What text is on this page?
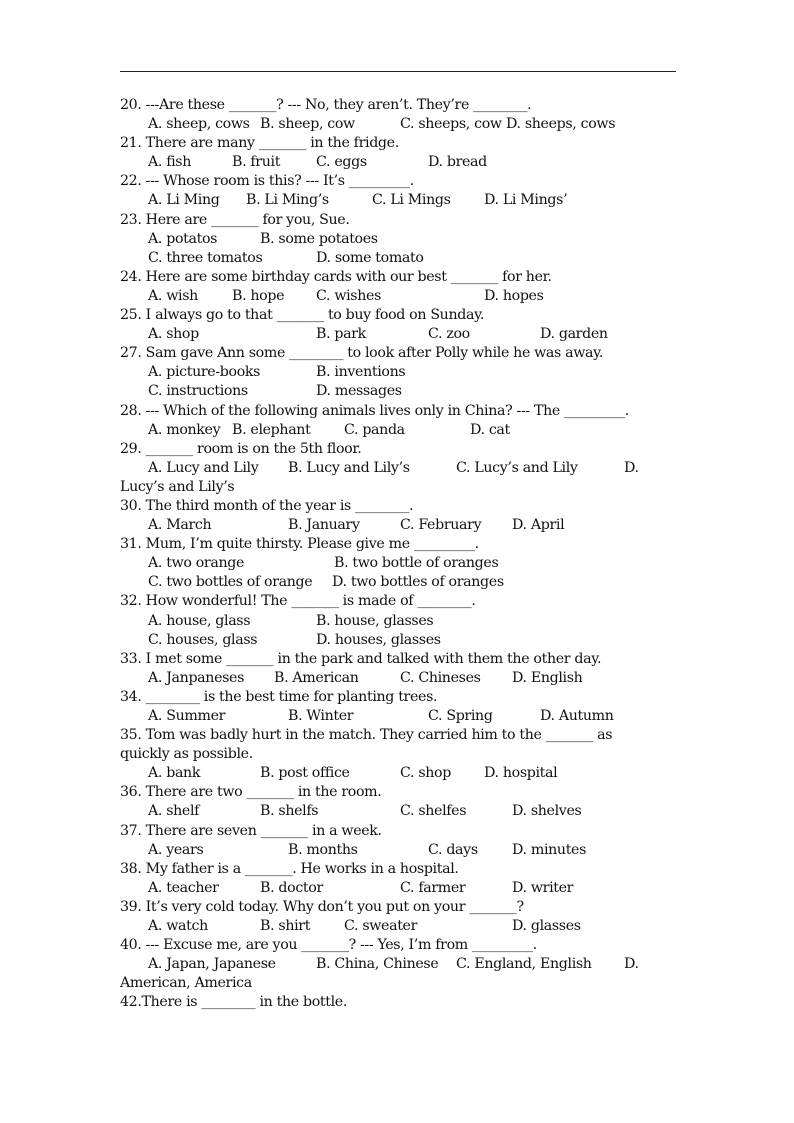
20. ---Are these _______? --- No, they aren’t. They’re ________.
A. sheep, cows B. sheep, cow	C. sheeps, cow D. sheeps, cows
21. There are many _______ in the fridge.
A. fish	B. fruit	C. eggs	D. bread
22. --- Whose room is this? --- It’s _________.
A. Li Ming B. Li Ming’s	C. Li Mings D. Li Mings’
23. Here are _______ for you, Sue.
A. potatos	B. some potatoes
C. three tomatos	D. some tomato
24. Here are some birthday cards with our best _______ for her.
A. wish B. hope C. wishes	D. hopes
25. I always go to that _______ to buy food on Sunday.
A. shop	B. park	C. zoo	D. garden
27. Sam gave Ann some ________ to look after Polly while he was away.
A. picture-books	B. inventions
C. instructions	D. messages
28. --- Which of the following animals lives only in China? --- The _________.
A. monkey B. elephant C. panda	D. cat
29. _______ room is on the 5th floor.
A. Lucy and Lily B. Lucy and Lily’s	C. Lucy’s and Lily	D.
Lucy’s and Lily’s
30. The third month of the year is ________.
A. March	B. January	C. February D. April
31. Mum, I’m quite thirsty. Please give me _________.
A. two orange	B. two bottle of oranges
C. two bottles of orange D. two bottles of oranges
32. How wonderful! The _______ is made of ________.
A. house, glass	B. house, glasses
C. houses, glass	D. houses, glasses
33. I met some _______ in the park and talked with them the other day.
A. Janpaneses B. American	C. Chineses D. English
34. ________ is the best time for planting trees.
A. Summer	B. Winter	C. Spring	D. Autumn
35. Tom was badly hurt in the match. They carried him to the _______ as
quickly as possible.
A. bank	B. post office	C. shop D. hospital
36. There are two _______ in the room.
A. shelf	B. shelfs	C. shelfes	D. shelves
37. There are seven _______ in a week.
A. years	B. months	C. days D. minutes
38. My father is a _______. He works in a hospital.
A. teacher	B. doctor	C. farmer	D. writer
39. It’s very cold today. Why don’t you put on your _______?
A. watch	B. shirt C. sweater	D. glasses
40. --- Excuse me, are you _______? --- Yes, I’m from _________.
A. Japan, Japanese	B. China, Chinese C. England, English D.
American, America
42.There is ________ in the bottle.
